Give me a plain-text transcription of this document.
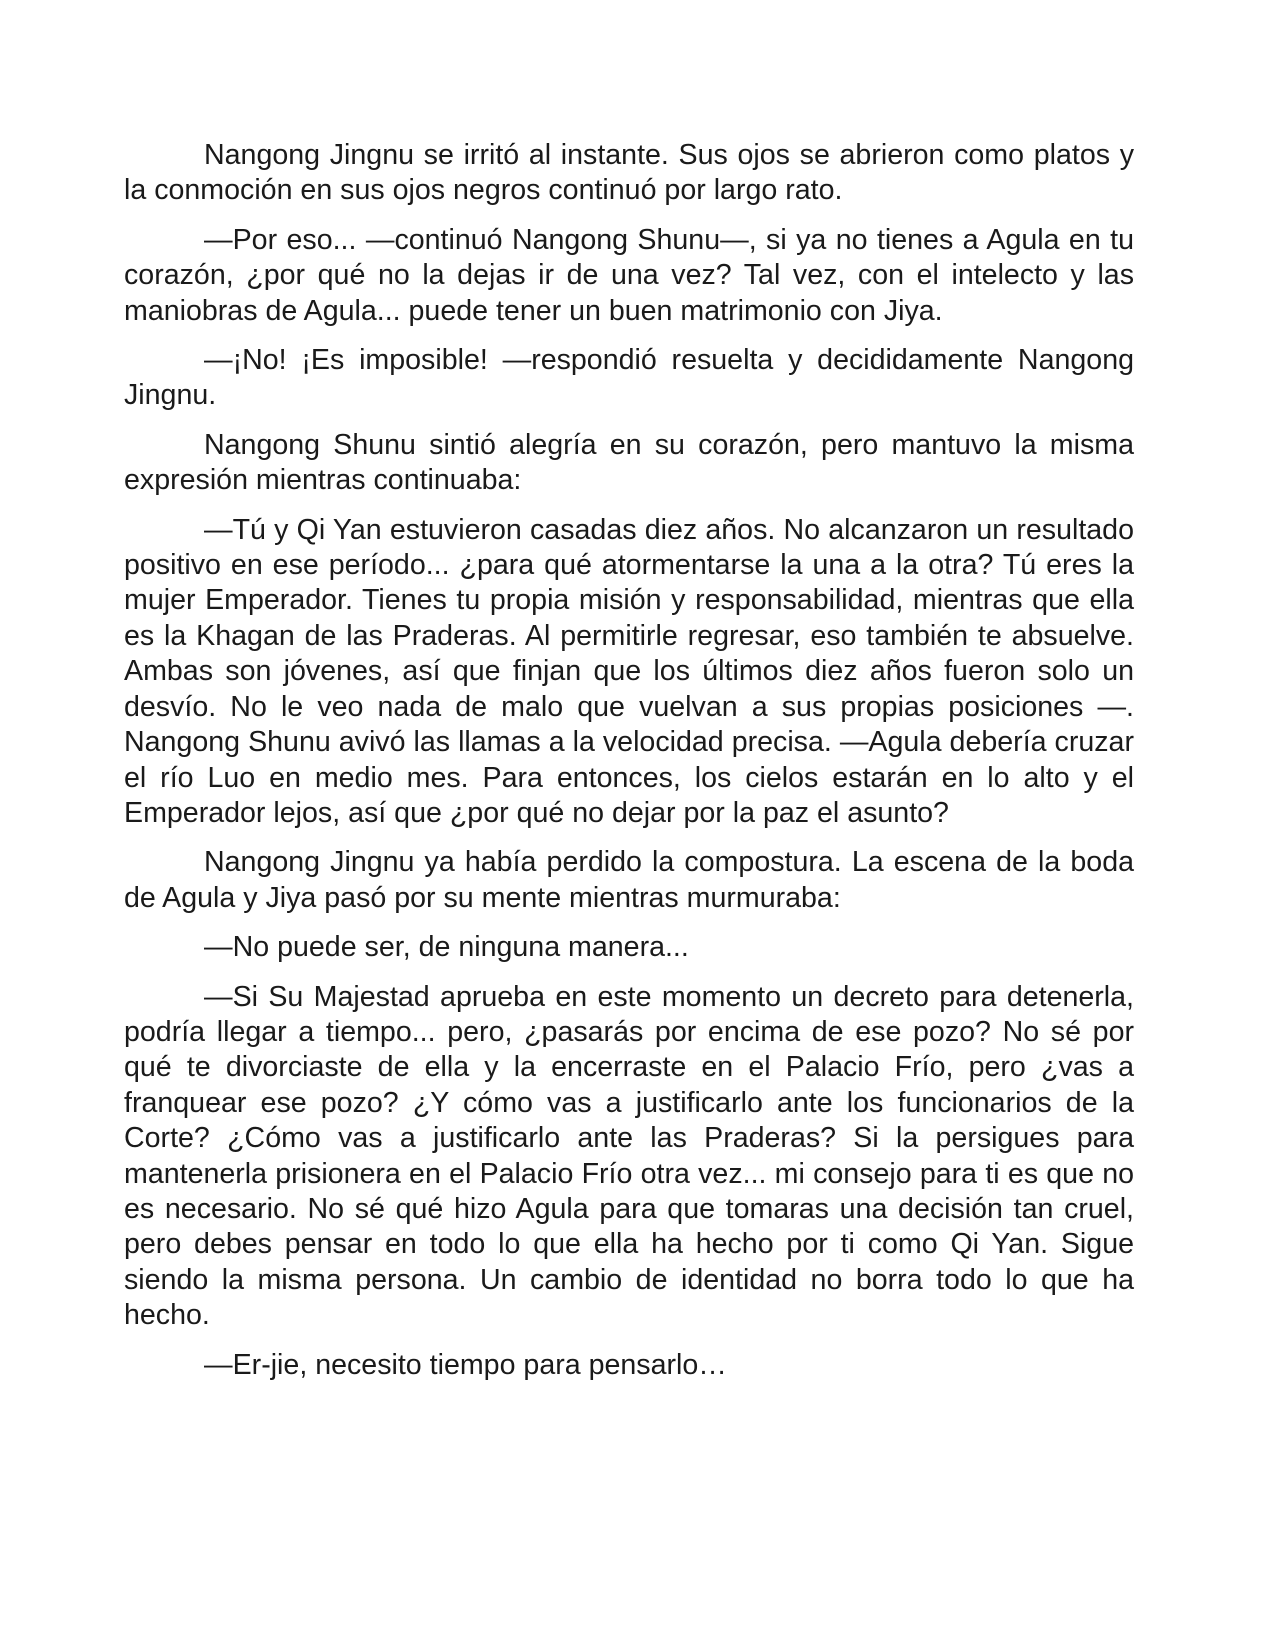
Nangong Jingnu se irritó al instante. Sus ojos se abrieron como platos y la conmoción en sus ojos negros continuó por largo rato.

—Por eso... —continuó Nangong Shunu—, si ya no tienes a Agula en tu corazón, ¿por qué no la dejas ir de una vez? Tal vez, con el intelecto y las maniobras de Agula... puede tener un buen matrimonio con Jiya.

—¡No! ¡Es imposible! —respondió resuelta y decididamente Nangong Jingnu.

Nangong Shunu sintió alegría en su corazón, pero mantuvo la misma expresión mientras continuaba:

—Tú y Qi Yan estuvieron casadas diez años. No alcanzaron un resultado positivo en ese período... ¿para qué atormentarse la una a la otra? Tú eres la mujer Emperador. Tienes tu propia misión y responsabilidad, mientras que ella es la Khagan de las Praderas. Al permitirle regresar, eso también te absuelve. Ambas son jóvenes, así que finjan que los últimos diez años fueron solo un desvío. No le veo nada de malo que vuelvan a sus propias posiciones —. Nangong Shunu avivó las llamas a la velocidad precisa. —Agula debería cruzar el río Luo en medio mes. Para entonces, los cielos estarán en lo alto y el Emperador lejos, así que ¿por qué no dejar por la paz el asunto?

Nangong Jingnu ya había perdido la compostura. La escena de la boda de Agula y Jiya pasó por su mente mientras murmuraba:

—No puede ser, de ninguna manera...

—Si Su Majestad aprueba en este momento un decreto para detenerla, podría llegar a tiempo... pero, ¿pasarás por encima de ese pozo? No sé por qué te divorciaste de ella y la encerraste en el Palacio Frío, pero ¿vas a franquear ese pozo? ¿Y cómo vas a justificarlo ante los funcionarios de la Corte? ¿Cómo vas a justificarlo ante las Praderas? Si la persigues para mantenerla prisionera en el Palacio Frío otra vez... mi consejo para ti es que no es necesario. No sé qué hizo Agula para que tomaras una decisión tan cruel, pero debes pensar en todo lo que ella ha hecho por ti como Qi Yan. Sigue siendo la misma persona. Un cambio de identidad no borra todo lo que ha hecho.

—Er-jie, necesito tiempo para pensarlo…
